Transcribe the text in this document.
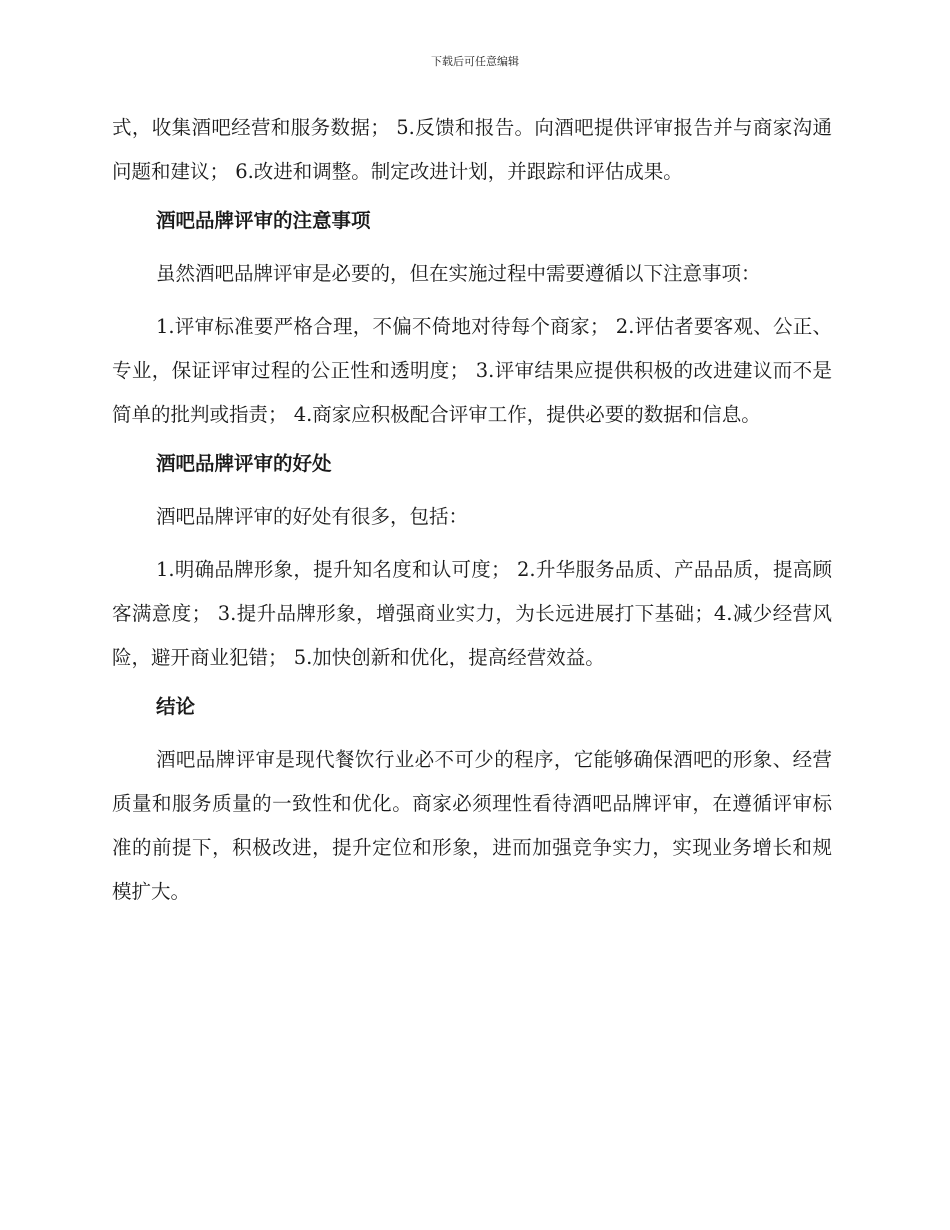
下载后可任意编辑

式，收集酒吧经营和服务数据； 5.反馈和报告。向酒吧提供评审报告并与商家沟通问题和建议； 6.改进和调整。制定改进计划，并跟踪和评估成果。

酒吧品牌评审的注意事项

虽然酒吧品牌评审是必要的，但在实施过程中需要遵循以下注意事项：

1.评审标准要严格合理，不偏不倚地对待每个商家； 2.评估者要客观、公正、专业，保证评审过程的公正性和透明度； 3.评审结果应提供积极的改进建议而不是简单的批判或指责； 4.商家应积极配合评审工作，提供必要的数据和信息。

酒吧品牌评审的好处

酒吧品牌评审的好处有很多，包括：

1.明确品牌形象，提升知名度和认可度； 2.升华服务品质、产品品质，提高顾客满意度； 3.提升品牌形象，增强商业实力，为长远进展打下基础；4.减少经营风险，避开商业犯错； 5.加快创新和优化，提高经营效益。

结论

酒吧品牌评审是现代餐饮行业必不可少的程序，它能够确保酒吧的形象、经营质量和服务质量的一致性和优化。商家必须理性看待酒吧品牌评审，在遵循评审标准的前提下，积极改进，提升定位和形象，进而加强竞争实力，实现业务增长和规模扩大。
